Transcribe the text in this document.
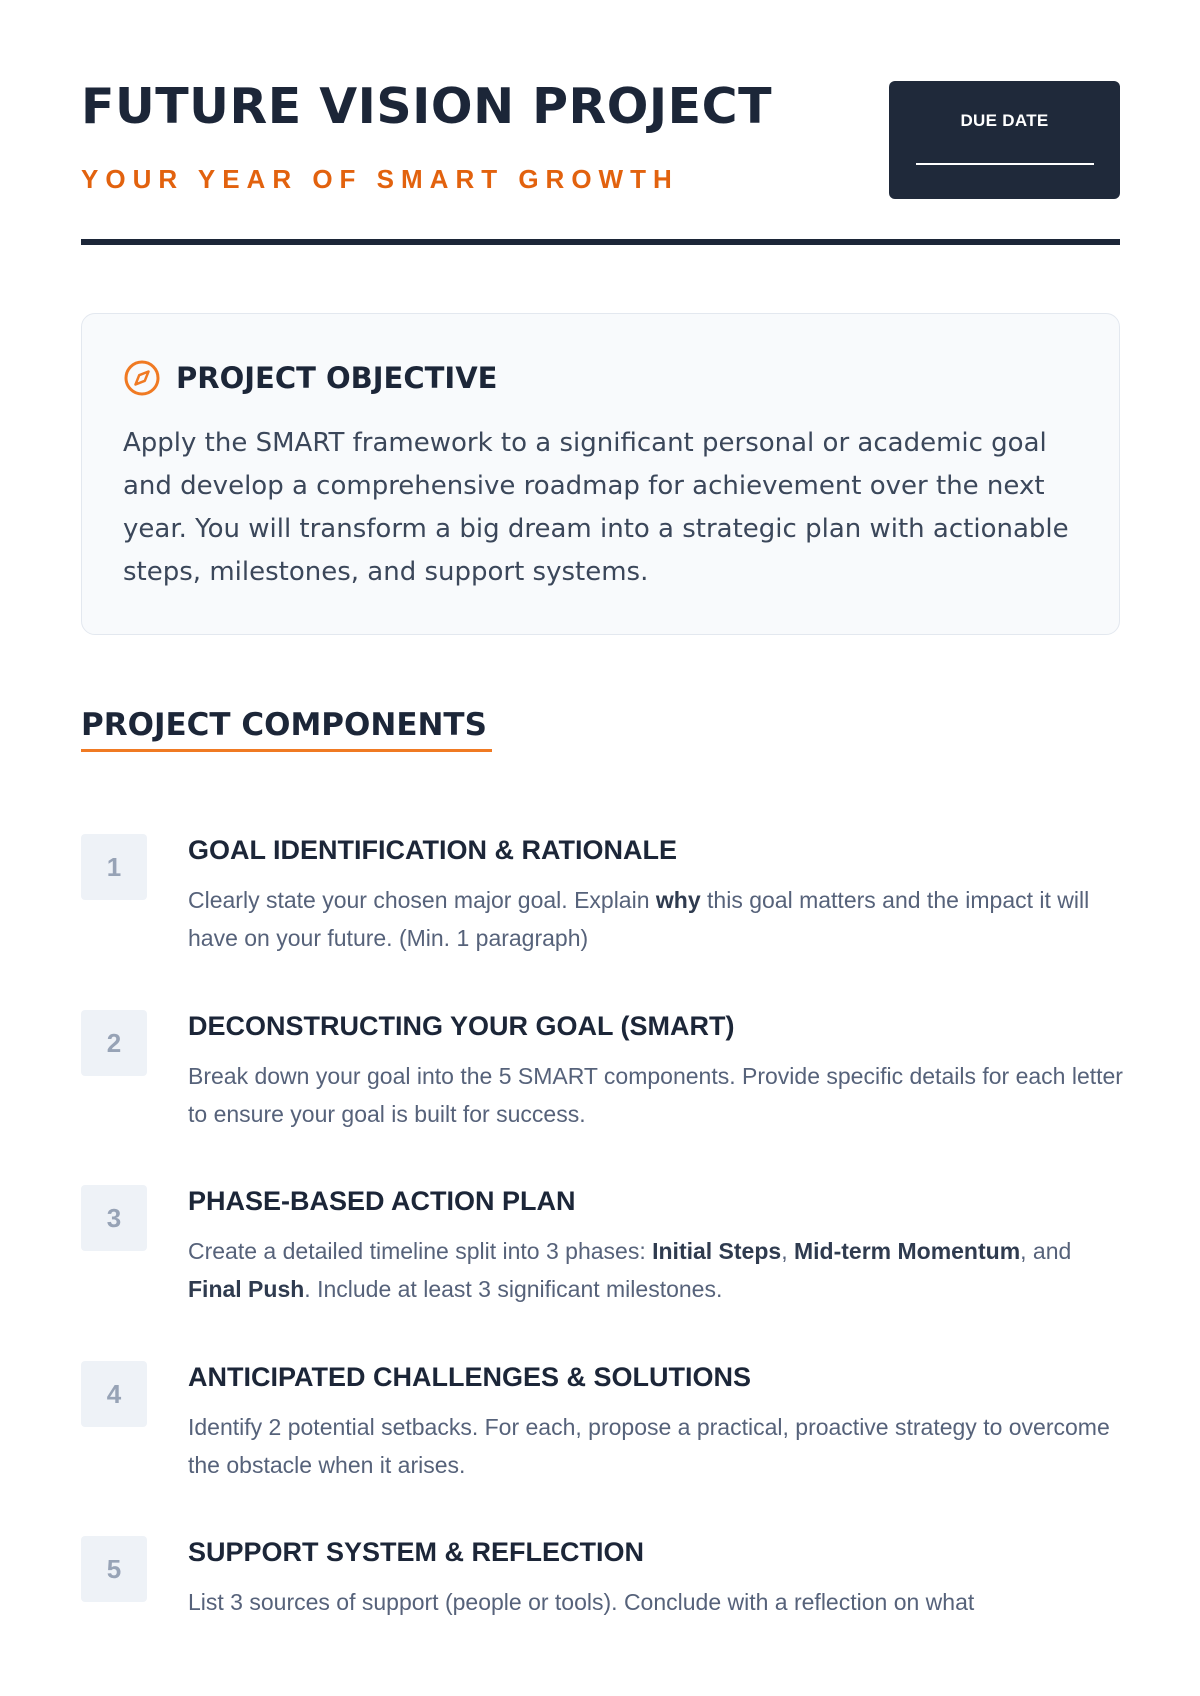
FUTURE VISION PROJECT
YOUR YEAR OF SMART GROWTH
DUE DATE
PROJECT OBJECTIVE

Apply the SMART framework to a significant personal or academic goal and develop a comprehensive roadmap for achievement over the next year. You will transform a big dream into a strategic plan with actionable steps, milestones, and support systems.

PROJECT COMPONENTS
1
GOAL IDENTIFICATION & RATIONALE

Clearly state your chosen major goal. Explain why this goal matters and the impact it will have on your future. (Min. 1 paragraph)

2
DECONSTRUCTING YOUR GOAL (SMART)

Break down your goal into the 5 SMART components. Provide specific details for each letter to ensure your goal is built for success.

3
PHASE-BASED ACTION PLAN

Create a detailed timeline split into 3 phases: Initial Steps, Mid-term Momentum, and Final Push. Include at least 3 significant milestones.

4
ANTICIPATED CHALLENGES & SOLUTIONS

Identify 2 potential setbacks. For each, propose a practical, proactive strategy to overcome the obstacle when it arises.

5
SUPPORT SYSTEM & REFLECTION

List 3 sources of support (people or tools). Conclude with a reflection on what
